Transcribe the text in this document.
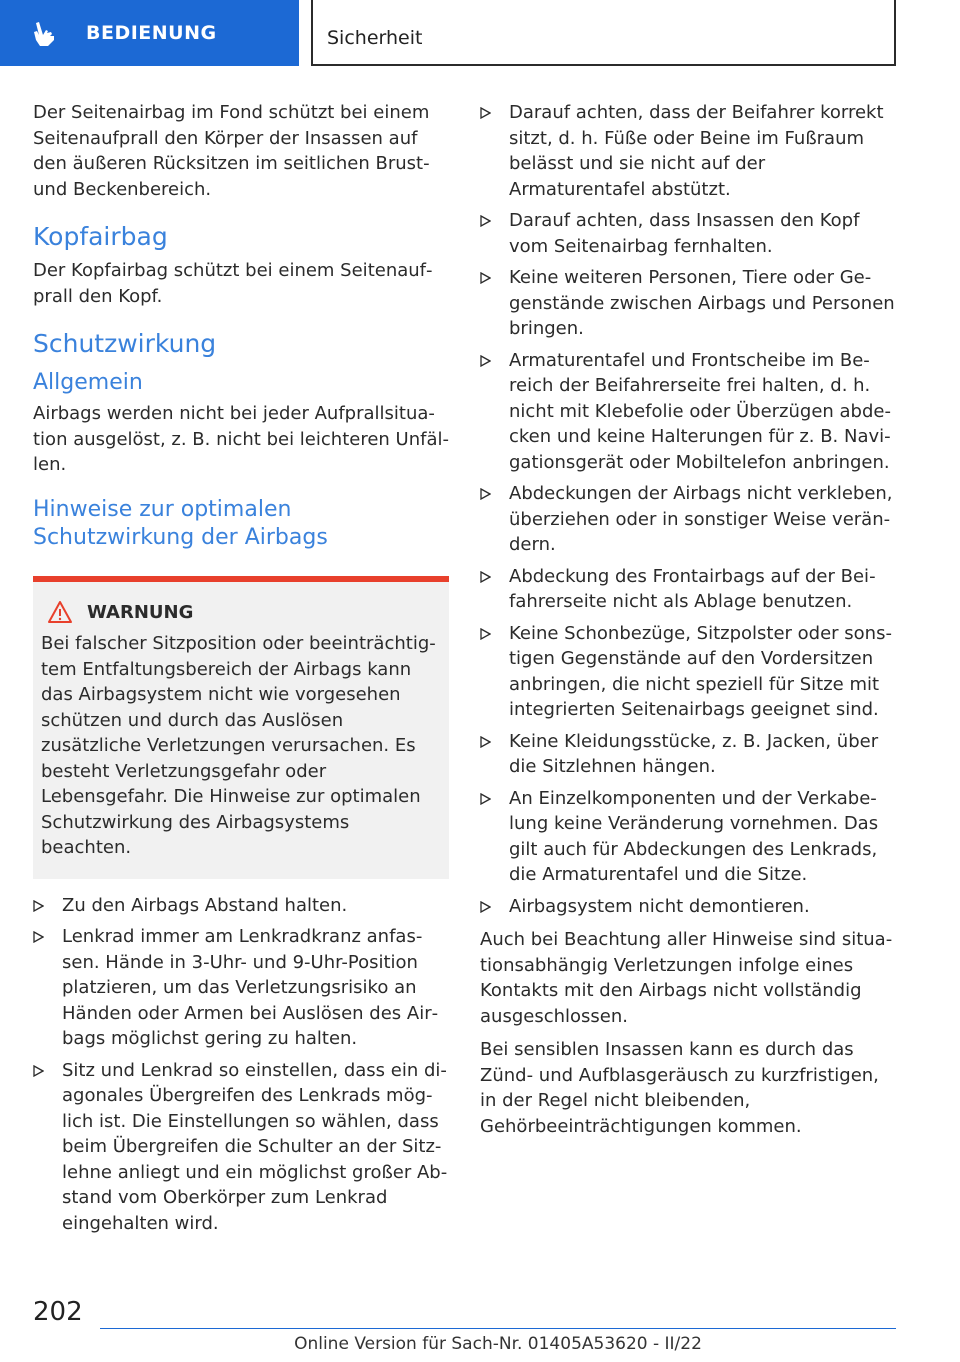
BEDIENUNG	Sicherheit

Der Seitenairbag im Fond schützt bei einem Seitenaufprall den Körper der Insassen auf den äußeren Rücksitzen im seitlichen Brust- und Beckenbereich.

Kopfairbag

Der Kopfairbag schützt bei einem Seitenaufprall den Kopf.

Schutzwirkung
Allgemein

Airbags werden nicht bei jeder Aufprallsituation ausgelöst, z. B. nicht bei leichteren Unfällen.

Hinweise zur optimalen Schutzwirkung der Airbags
WARNUNG
Bei falscher Sitzposition oder beeinträchtigtem Entfaltungsbereich der Airbags kann das Airbagsystem nicht wie vorgesehen schützen und durch das Auslösen zusätzliche Verletzungen verursachen. Es besteht Verletzungsgefahr oder Lebensgefahr. Die Hinweise zur optimalen Schutzwirkung des Airbagsystems beachten.
Zu den Airbags Abstand halten.
Lenkrad immer am Lenkradkranz anfassen. Hände in 3-Uhr- und 9-Uhr-Position platzieren, um das Verletzungsrisiko an Händen oder Armen bei Auslösen des Airbags möglichst gering zu halten.
Sitz und Lenkrad so einstellen, dass ein diagonales Übergreifen des Lenkrads möglich ist. Die Einstellungen so wählen, dass beim Übergreifen die Schulter an der Sitzlehne anliegt und ein möglichst großer Abstand vom Oberkörper zum Lenkrad eingehalten wird.
Darauf achten, dass der Beifahrer korrekt sitzt, d. h. Füße oder Beine im Fußraum belässt und sie nicht auf der Armaturentafel abstützt.
Darauf achten, dass Insassen den Kopf vom Seitenairbag fernhalten.
Keine weiteren Personen, Tiere oder Gegenstände zwischen Airbags und Personen bringen.
Armaturentafel und Frontscheibe im Bereich der Beifahrerseite frei halten, d. h. nicht mit Klebefolie oder Überzügen abdecken und keine Halterungen für z. B. Navigationsgerät oder Mobiltelefon anbringen.
Abdeckungen der Airbags nicht verkleben, überziehen oder in sonstiger Weise verändern.
Abdeckung des Frontairbags auf der Beifahrerseite nicht als Ablage benutzen.
Keine Schonbezüge, Sitzpolster oder sonstigen Gegenstände auf den Vordersitzen anbringen, die nicht speziell für Sitze mit integrierten Seitenairbags geeignet sind.
Keine Kleidungsstücke, z. B. Jacken, über die Sitzlehnen hängen.
An Einzelkomponenten und der Verkabelung keine Veränderung vornehmen. Das gilt auch für Abdeckungen des Lenkrads, die Armaturentafel und die Sitze.
Airbagsystem nicht demontieren.

Auch bei Beachtung aller Hinweise sind situationsabhängig Verletzungen infolge eines Kontakts mit den Airbags nicht vollständig ausgeschlossen.

Bei sensiblen Insassen kann es durch das Zünd- und Aufblasgeräusch zu kurzfristigen, in der Regel nicht bleibenden, Gehörbeeinträchtigungen kommen.

202
Online Version für Sach-Nr. 01405A53620 - II/22
